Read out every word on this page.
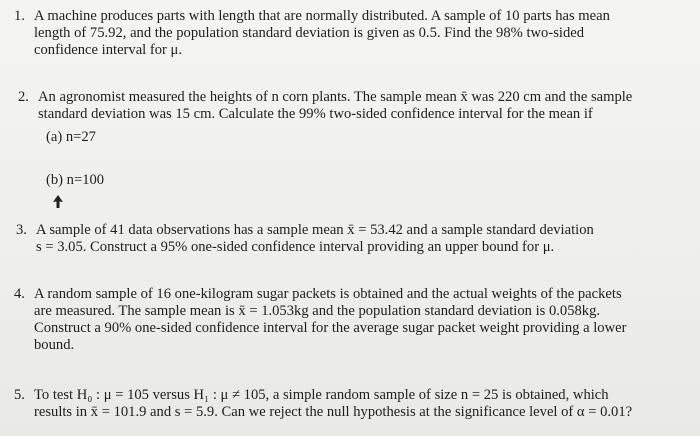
1. A machine produces parts with length that are normally distributed. A sample of 10 parts has mean
length of 75.92, and the population standard deviation is given as 0.5. Find the 98% two-sided
confidence interval for μ.
2. An agronomist measured the heights of n corn plants. The sample mean x̄ was 220 cm and the sample
standard deviation was 15 cm. Calculate the 99% two-sided confidence interval for the mean if
(a) n=27
(b) n=100
3. A sample of 41 data observations has a sample mean x̄ = 53.42 and a sample standard deviation
s = 3.05. Construct a 95% one-sided confidence interval providing an upper bound for μ.
4. A random sample of 16 one-kilogram sugar packets is obtained and the actual weights of the packets
are measured. The sample mean is x̄ = 1.053kg and the population standard deviation is 0.058kg.
Construct a 90% one-sided confidence interval for the average sugar packet weight providing a lower
bound.
5. To test H₀ : μ = 105 versus H₁ : μ ≠ 105, a simple random sample of size n = 25 is obtained, which
results in x̄ = 101.9 and s = 5.9. Can we reject the null hypothesis at the significance level of α = 0.01?
